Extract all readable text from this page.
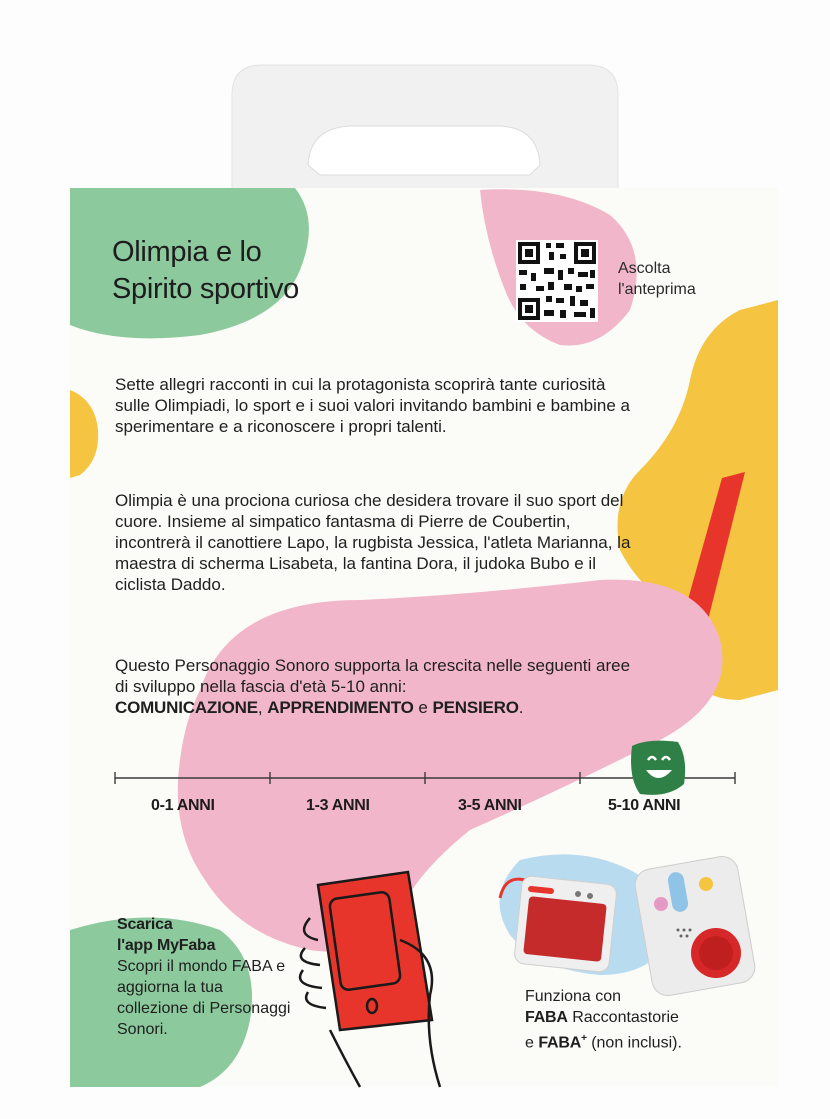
Olimpia e lo
Spirito sportivo
Ascolta
l'anteprima

Sette allegri racconti in cui la protagonista scoprirà tante curiosità sulle Olimpiadi, lo sport e i suoi valori invitando bambini e bambine a sperimentare e a riconoscere i propri talenti.

Olimpia è una prociona curiosa che desidera trovare il suo sport del cuore. Insieme al simpatico fantasma di Pierre de Coubertin, incontrerà il canottiere Lapo, la rugbista Jessica, l'atleta Marianna, la maestra di scherma Lisabeta, la fantina Dora, il judoka Bubo e il ciclista Daddo.

Questo Personaggio Sonoro supporta la crescita nelle seguenti aree di sviluppo nella fascia d'età 5-10 anni:
COMUNICAZIONE, APPRENDIMENTO e PENSIERO.

0-1 ANNI	1-3 ANNI	3-5 ANNI	5-10 ANNI
Scarica
l'app MyFaba
Scopri il mondo FABA e aggiorna la tua collezione di Personaggi Sonori.
Funziona con
FABA Raccontastorie
e FABA+ (non inclusi).
